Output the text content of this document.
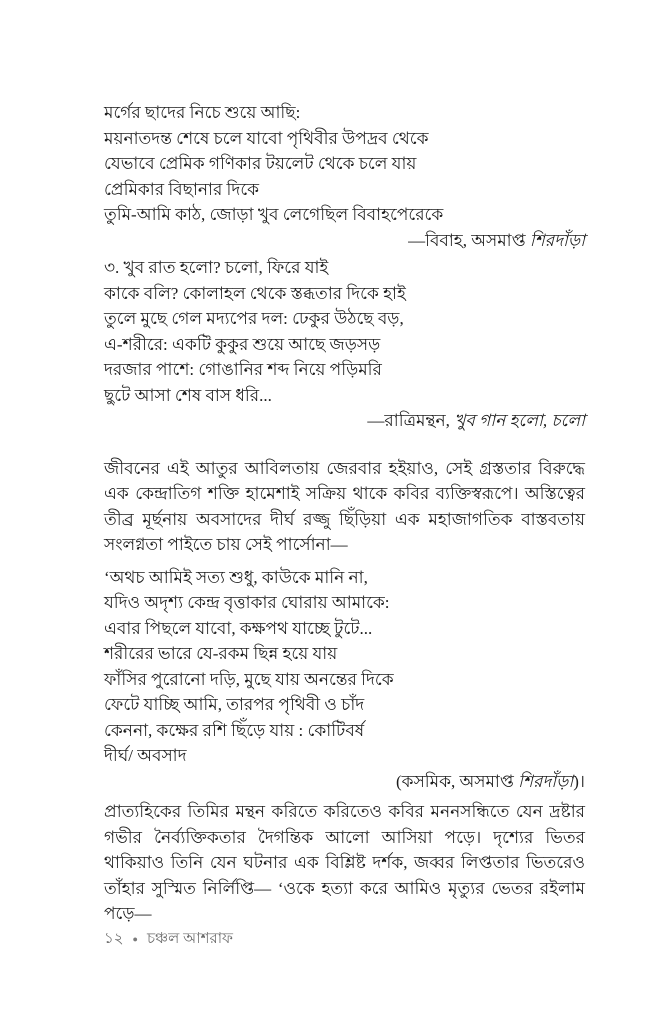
মর্গের ছাদের নিচে শুয়ে আছি:
ময়নাতদন্ত শেষে চলে যাবো পৃথিবীর উপদ্রব থেকে
যেভাবে প্রেমিক গণিকার টয়লেট থেকে চলে যায়
প্রেমিকার বিছানার দিকে
তুমি-আমি কাঠ, জোড়া খুব লেগেছিল বিবাহপেরেকে
—বিবাহ, অসমাপ্ত শিরদাঁড়া
৩. খুব রাত হলো? চলো, ফিরে যাই
কাকে বলি? কোলাহল থেকে স্তব্ধতার দিকে হাই
তুলে মুছে গেল মদ্যপের দল: ঢেকুর উঠছে বড়,
এ-শরীরে: একটি কুকুর শুয়ে আছে জড়সড়
দরজার পাশে: গোঙানির শব্দ নিয়ে পড়িমরি
ছুটে আসা শেষ বাস ধরি...
—রাত্রিমন্থন, খুব গান হলো, চলো

জীবনের এই আতুর আবিলতায় জেরবার হইয়াও, সেই গ্রস্ততার বিরুদ্ধে এক কেন্দ্রাতিগ শক্তি হামেশাই সক্রিয় থাকে কবির ব্যক্তিস্বরূপে। অস্তিত্বের তীব্র মূর্ছনায় অবসাদের দীর্ঘ রজ্জু ছিঁড়িয়া এক মহাজাগতিক বাস্তবতায় সংলগ্নতা পাইতে চায় সেই পার্সোনা—

‘অথচ আমিই সত্য শুধু, কাউকে মানি না,
যদিও অদৃশ্য কেন্দ্র বৃত্তাকার ঘোরায় আমাকে:
এবার পিছলে যাবো, কক্ষপথ যাচ্ছে টুটে...
শরীরের ভারে যে-রকম ছিন্ন হয়ে যায়
ফাঁসির পুরোনো দড়ি, মুছে যায় অনন্তের দিকে
ফেটে যাচ্ছি আমি, তারপর পৃথিবী ও চাঁদ
কেননা, কক্ষের রশি ছিঁড়ে যায় : কোটিবর্ষ
দীর্ঘ/ অবসাদ
(কসমিক, অসমাপ্ত শিরদাঁড়া)।

প্রাত্যহিকের তিমির মন্থন করিতে করিতেও কবির মননসন্ধিতে যেন দ্রষ্টার গভীর নৈর্ব্যক্তিকতার দৈগন্তিক আলো আসিয়া পড়ে। দৃশ্যের ভিতর থাকিয়াও তিনি যেন ঘটনার এক বিশ্লিষ্ট দর্শক, জব্বর লিপ্ততার ভিতরেও তাঁহার সুস্মিত নির্লিপ্তি— ‘ওকে হত্যা করে আমিও মৃত্যুর ভেতর রইলাম পড়ে—

১২ ● চঞ্চল আশরাফ
